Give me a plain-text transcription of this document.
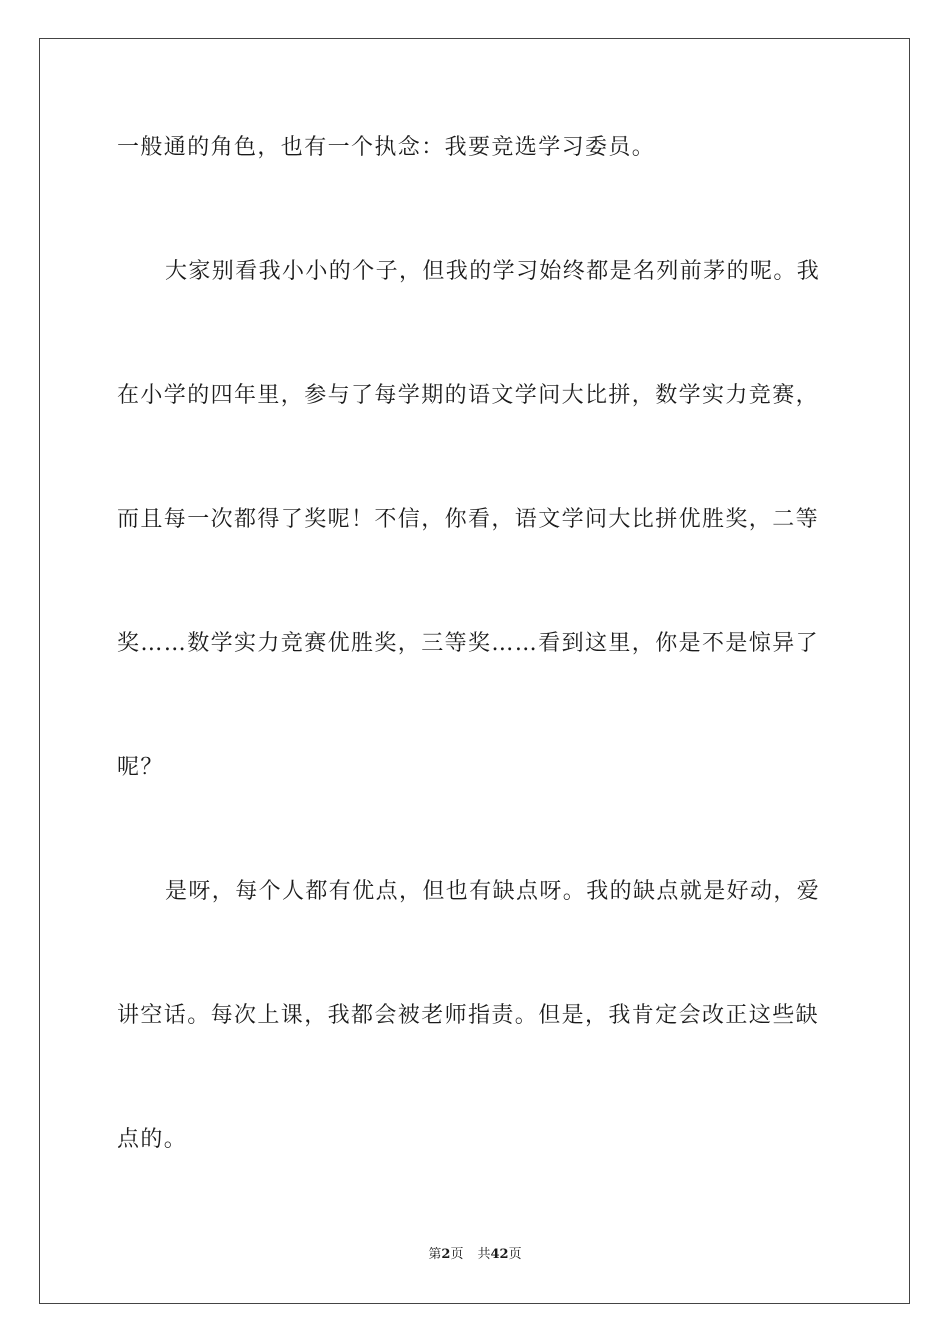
一般通的角色，也有一个执念：我要竞选学习委员。
大家别看我小小的个子，但我的学习始终都是名列前茅的呢。我
在小学的四年里，参与了每学期的语文学问大比拼，数学实力竞赛，
而且每一次都得了奖呢！不信，你看，语文学问大比拼优胜奖，二等
奖……数学实力竞赛优胜奖，三等奖……看到这里，你是不是惊异了
呢？
是呀，每个人都有优点，但也有缺点呀。我的缺点就是好动，爱
讲空话。每次上课，我都会被老师指责。但是，我肯定会改正这些缺
点的。
第2页 共42页
